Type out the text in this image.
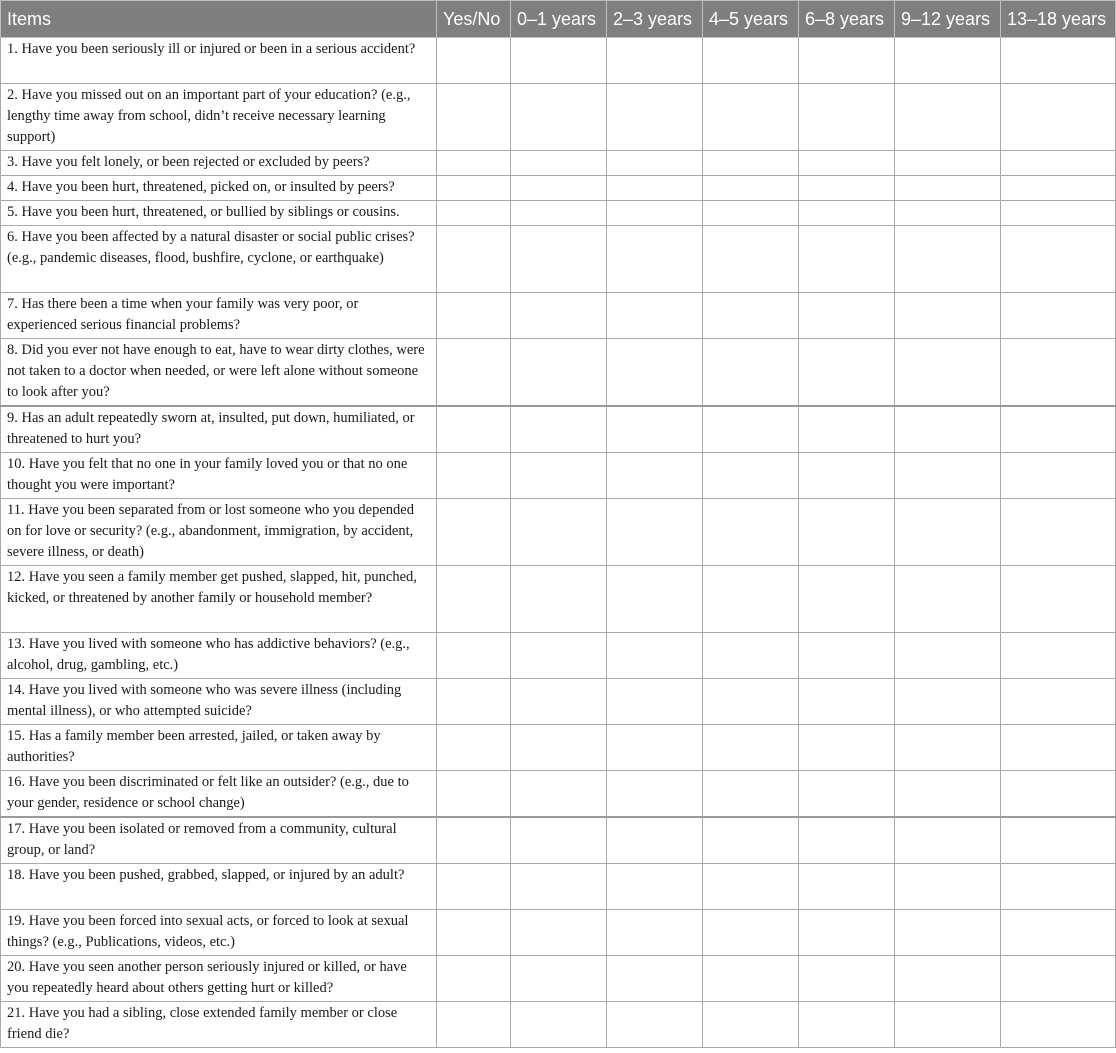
Items	Yes/No	0–1 years	2–3 years	4–5 years	6–8 years	9–12 years	13–18 years
1. Have you been seriously ill or injured or been in a serious accident?							
2. Have you missed out on an important part of your education? (e.g., lengthy time away from school, didn’t receive necessary learning support)							
3. Have you felt lonely, or been rejected or excluded by peers?							
4. Have you been hurt, threatened, picked on, or insulted by peers?							
5. Have you been hurt, threatened, or bullied by siblings or cousins.							
6. Have you been affected by a natural disaster or social public crises? (e.g., pandemic diseases, flood, bushfire, cyclone, or earthquake)							
7. Has there been a time when your family was very poor, or experienced serious financial problems?							
8. Did you ever not have enough to eat, have to wear dirty clothes, were not taken to a doctor when needed, or were left alone without someone to look after you?							
9. Has an adult repeatedly sworn at, insulted, put down, humiliated, or threatened to hurt you?							
10. Have you felt that no one in your family loved you or that no one thought you were important?							
11. Have you been separated from or lost someone who you depended on for love or security? (e.g., abandonment, immigration, by accident, severe illness, or death)							
12. Have you seen a family member get pushed, slapped, hit, punched, kicked, or threatened by another family or household member?							
13. Have you lived with someone who has addictive behaviors? (e.g., alcohol, drug, gambling, etc.)							
14. Have you lived with someone who was severe illness (including mental illness), or who attempted suicide?							
15. Has a family member been arrested, jailed, or taken away by authorities?							
16. Have you been discriminated or felt like an outsider? (e.g., due to your gender, residence or school change)							
17. Have you been isolated or removed from a community, cultural group, or land?							
18. Have you been pushed, grabbed, slapped, or injured by an adult?							
19. Have you been forced into sexual acts, or forced to look at sexual things? (e.g., Publications, videos, etc.)							
20. Have you seen another person seriously injured or killed, or have you repeatedly heard about others getting hurt or killed?							
21. Have you had a sibling, close extended family member or close friend die?							
